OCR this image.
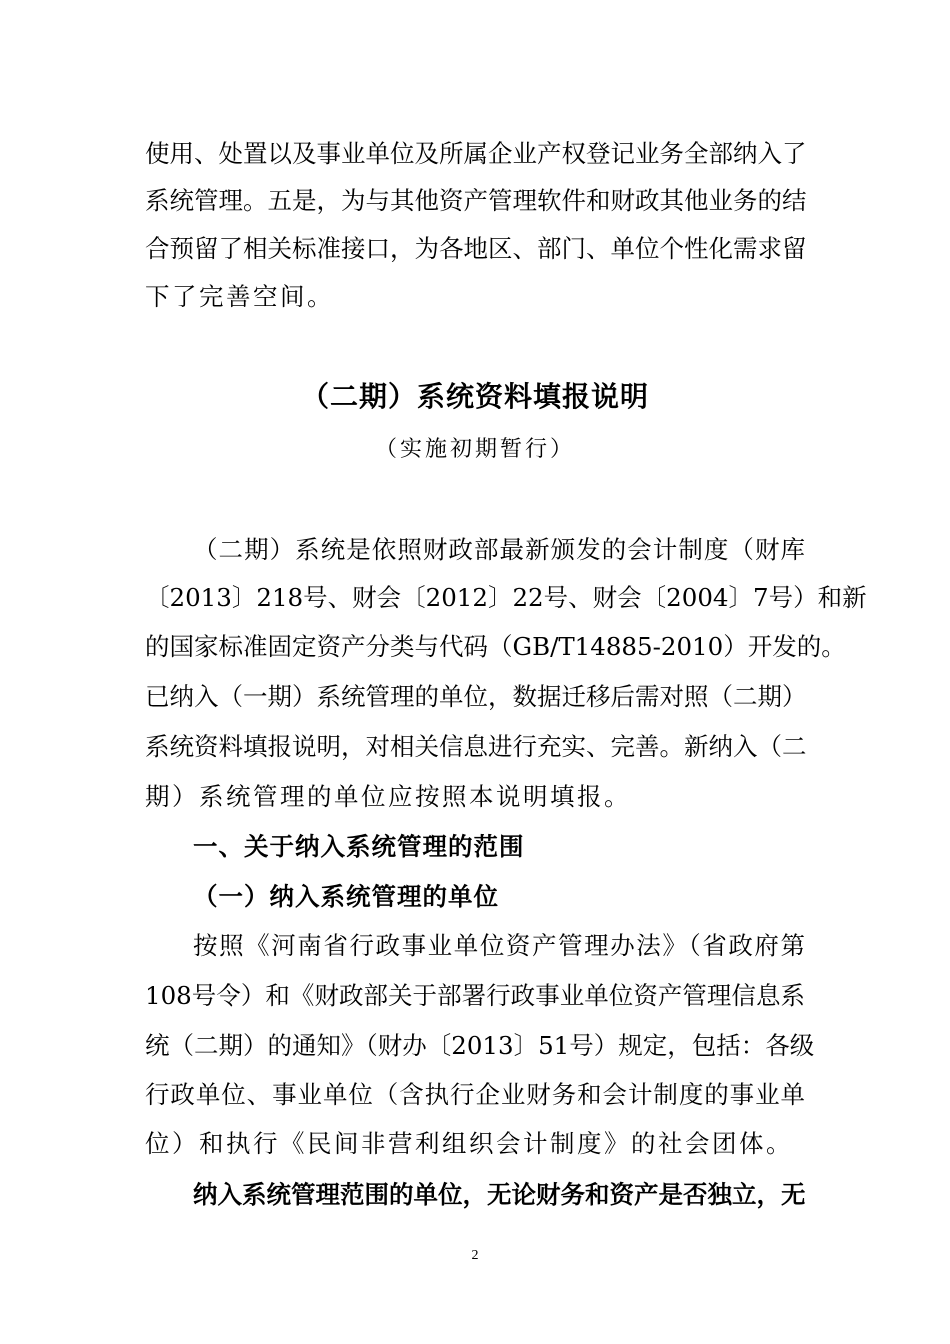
使用、处置以及事业单位及所属企业产权登记业务全部纳入了
系统管理。五是，为与其他资产管理软件和财政其他业务的结
合预留了相关标准接口，为各地区、部门、单位个性化需求留
下了完善空间。
（二期）系统资料填报说明
（实施初期暂行）
（二期）系统是依照财政部最新颁发的会计制度（财库
〔2013〕218号、财会〔2012〕22号、财会〔2004〕7号）和新
的国家标准固定资产分类与代码（GB/T14885-2010）开发的。
已纳入（一期）系统管理的单位，数据迁移后需对照（二期）
系统资料填报说明，对相关信息进行充实、完善。新纳入（二
期）系统管理的单位应按照本说明填报。
一、关于纳入系统管理的范围
（一）纳入系统管理的单位
按照《河南省行政事业单位资产管理办法》（省政府第
108号令）和《财政部关于部署行政事业单位资产管理信息系
统（二期）的通知》（财办〔2013〕51号）规定，包括：各级
行政单位、事业单位（含执行企业财务和会计制度的事业单
位）和执行《民间非营利组织会计制度》的社会团体。
纳入系统管理范围的单位，无论财务和资产是否独立，无
2
